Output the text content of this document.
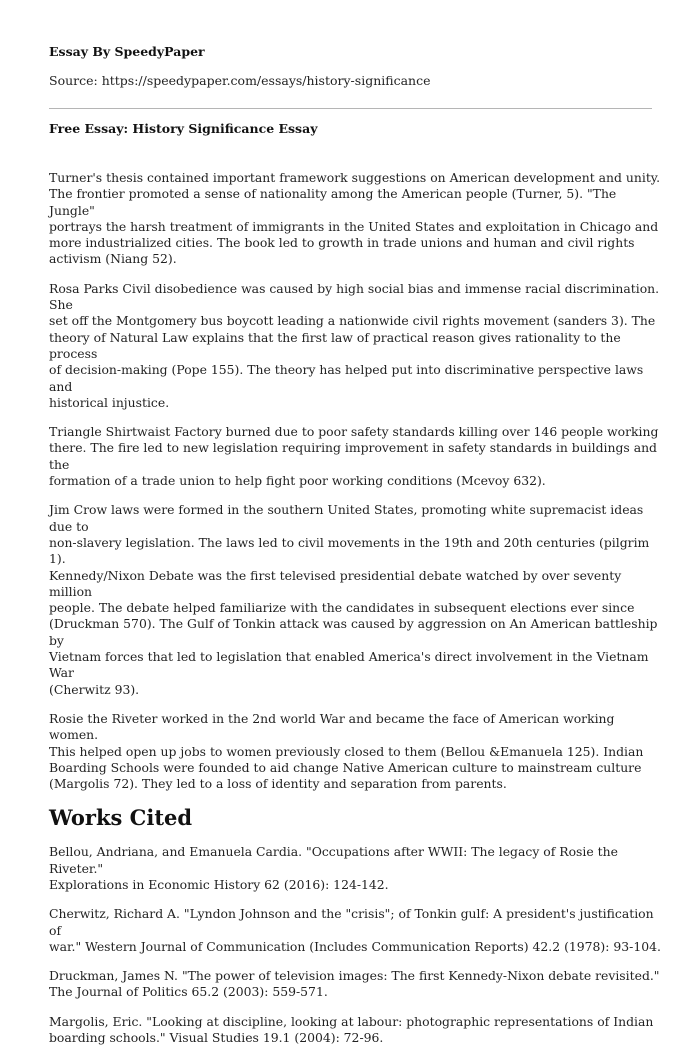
Essay By SpeedyPaper
Source: https://speedypaper.com/essays/history-significance
Free Essay: History Significance Essay

Turner's thesis contained important framework suggestions on American development and unity.
The frontier promoted a sense of nationality among the American people (Turner, 5). "The Jungle"
portrays the harsh treatment of immigrants in the United States and exploitation in Chicago and
more industrialized cities. The book led to growth in trade unions and human and civil rights
activism (Niang 52).

Rosa Parks Civil disobedience was caused by high social bias and immense racial discrimination. She
set off the Montgomery bus boycott leading a nationwide civil rights movement (sanders 3). The
theory of Natural Law explains that the first law of practical reason gives rationality to the process
of decision-making (Pope 155). The theory has helped put into discriminative perspective laws and
historical injustice.

Triangle Shirtwaist Factory burned due to poor safety standards killing over 146 people working
there. The fire led to new legislation requiring improvement in safety standards in buildings and the
formation of a trade union to help fight poor working conditions (Mcevoy 632).

Jim Crow laws were formed in the southern United States, promoting white supremacist ideas due to
non-slavery legislation. The laws led to civil movements in the 19th and 20th centuries (pilgrim 1).
Kennedy/Nixon Debate was the first televised presidential debate watched by over seventy million
people. The debate helped familiarize with the candidates in subsequent elections ever since
(Druckman 570). The Gulf of Tonkin attack was caused by aggression on An American battleship by
Vietnam forces that led to legislation that enabled America's direct involvement in the Vietnam War
(Cherwitz 93).

Rosie the Riveter worked in the 2nd world War and became the face of American working women.
This helped open up jobs to women previously closed to them (Bellou &Emanuela 125). Indian
Boarding Schools were founded to aid change Native American culture to mainstream culture
(Margolis 72). They led to a loss of identity and separation from parents.

Works Cited

Bellou, Andriana, and Emanuela Cardia. "Occupations after WWII: The legacy of Rosie the Riveter."
Explorations in Economic History 62 (2016): 124-142.

Cherwitz, Richard A. "Lyndon Johnson and the "crisis"; of Tonkin gulf: A president's justification of
war." Western Journal of Communication (Includes Communication Reports) 42.2 (1978): 93-104.

Druckman, James N. "The power of television images: The first Kennedy-Nixon debate revisited."
The Journal of Politics 65.2 (2003): 559-571.

Margolis, Eric. "Looking at discipline, looking at labour: photographic representations of Indian
boarding schools." Visual Studies 19.1 (2004): 72-96.
